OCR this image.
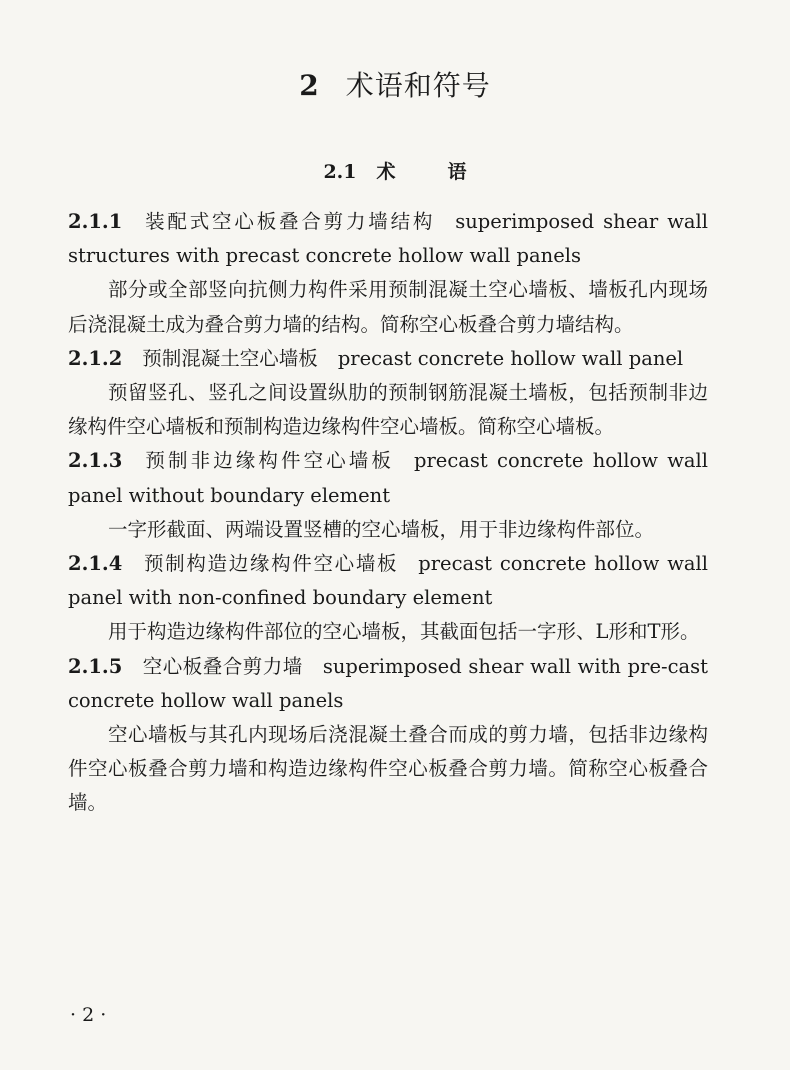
2 术语和符号
2.1 术	语

2.1.1 装配式空心板叠合剪力墙结构 superimposed shear wall structures with precast concrete hollow wall panels

部分或全部竖向抗侧力构件采用预制混凝土空心墙板、墙板孔内现场后浇混凝土成为叠合剪力墙的结构。简称空心板叠合剪力墙结构。

2.1.2 预制混凝土空心墙板 precast concrete hollow wall panel

预留竖孔、竖孔之间设置纵肋的预制钢筋混凝土墙板，包括预制非边缘构件空心墙板和预制构造边缘构件空心墙板。简称空心墙板。

2.1.3 预制非边缘构件空心墙板 precast concrete hollow wall panel without boundary element

一字形截面、两端设置竖槽的空心墙板，用于非边缘构件部位。

2.1.4 预制构造边缘构件空心墙板 precast concrete hollow wall panel with non-confined boundary element

用于构造边缘构件部位的空心墙板，其截面包括一字形、L形和T形。

2.1.5 空心板叠合剪力墙 superimposed shear wall with pre-cast concrete hollow wall panels

空心墙板与其孔内现场后浇混凝土叠合而成的剪力墙，包括非边缘构件空心板叠合剪力墙和构造边缘构件空心板叠合剪力墙。简称空心板叠合墙。

· 2 ·
